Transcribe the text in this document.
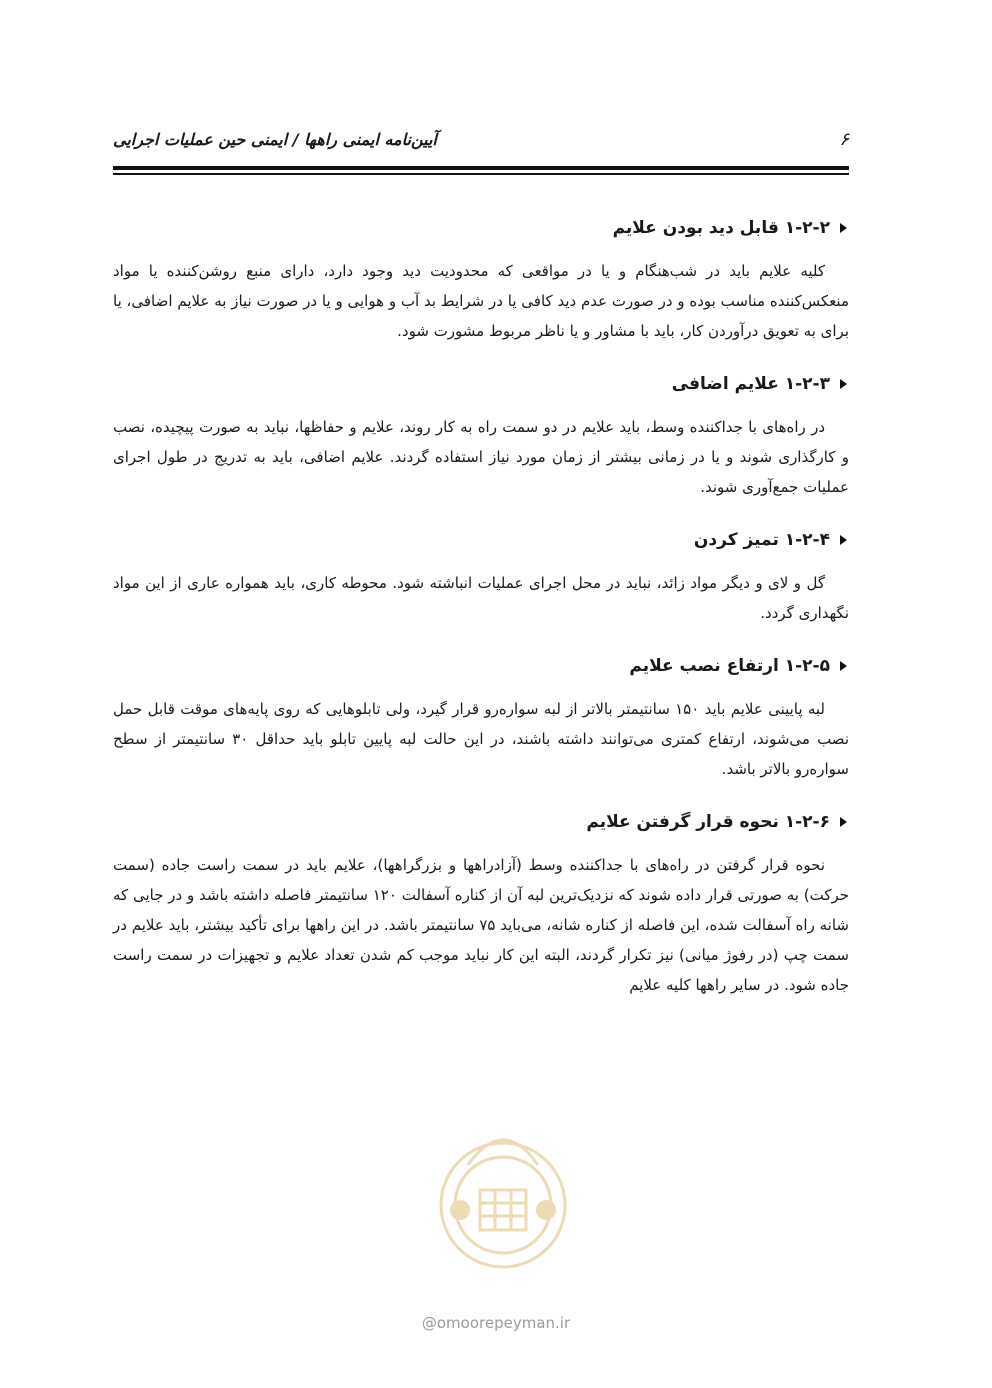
۶
آیین‌نامه ایمنی راهها / ایمنی حین عملیات اجرایی
۱-۲-۲ قابل دید بودن علایم

کلیه علایم باید در شب‌هنگام و یا در مواقعی که محدودیت دید وجود دارد، دارای منبع روشن‌کننده یا مواد منعکس‌کننده مناسب بوده و در صورت عدم دید کافی یا در شرایط بد آب و هوایی و یا در صورت نیاز به علایم اضافی، یا برای به تعویق درآوردن کار، باید با مشاور و یا ناظر مربوط مشورت شود.

۱-۲-۳ علایم اضافی

در راه‌های با جداکننده وسط، باید علایم در دو سمت راه به کار روند، علایم و حفاظها، نباید به صورت پیچیده، نصب و کارگذاری شوند و یا در زمانی بیشتر از زمان مورد نیاز استفاده گردند. علایم اضافی، باید به تدریج در طول اجرای عملیات جمع‌آوری شوند.

۱-۲-۴ تمیز کردن

گل و لای و دیگر مواد زائد، نباید در محل اجرای عملیات انباشته شود. محوطه کاری، باید همواره عاری از این مواد نگهداری گردد.

۱-۲-۵ ارتفاع نصب علایم

لبه پایینی علایم باید ۱۵۰ سانتیمتر بالاتر از لبه سواره‌رو قرار گیرد، ولی تابلوهایی که روی پایه‌های موقت قابل حمل نصب می‌شوند، ارتفاع کمتری می‌توانند داشته باشند، در این حالت لبه پایین تابلو باید حداقل ۳۰ سانتیمتر از سطح سواره‌رو بالاتر باشد.

۱-۲-۶ نحوه قرار گرفتن علایم

نحوه قرار گرفتن در راه‌های با جداکننده وسط (آزادراهها و بزرگراهها)، علایم باید در سمت راست جاده (سمت حرکت) به صورتی قرار داده شوند که نزدیک‌ترین لبه آن از کناره آسفالت ۱۲۰ سانتیمتر فاصله داشته باشد و در جایی که شانه راه آسفالت شده، این فاصله از کناره شانه، می‌باید ۷۵ سانتیمتر باشد. در این راهها برای تأکید بیشتر، باید علایم در سمت چپ (در رفوژ میانی) نیز تکرار گردند، البته این کار نباید موجب کم شدن تعداد علایم و تجهیزات در سمت راست جاده شود. در سایر راهها کلیه علایم

@omoorepeyman.ir
